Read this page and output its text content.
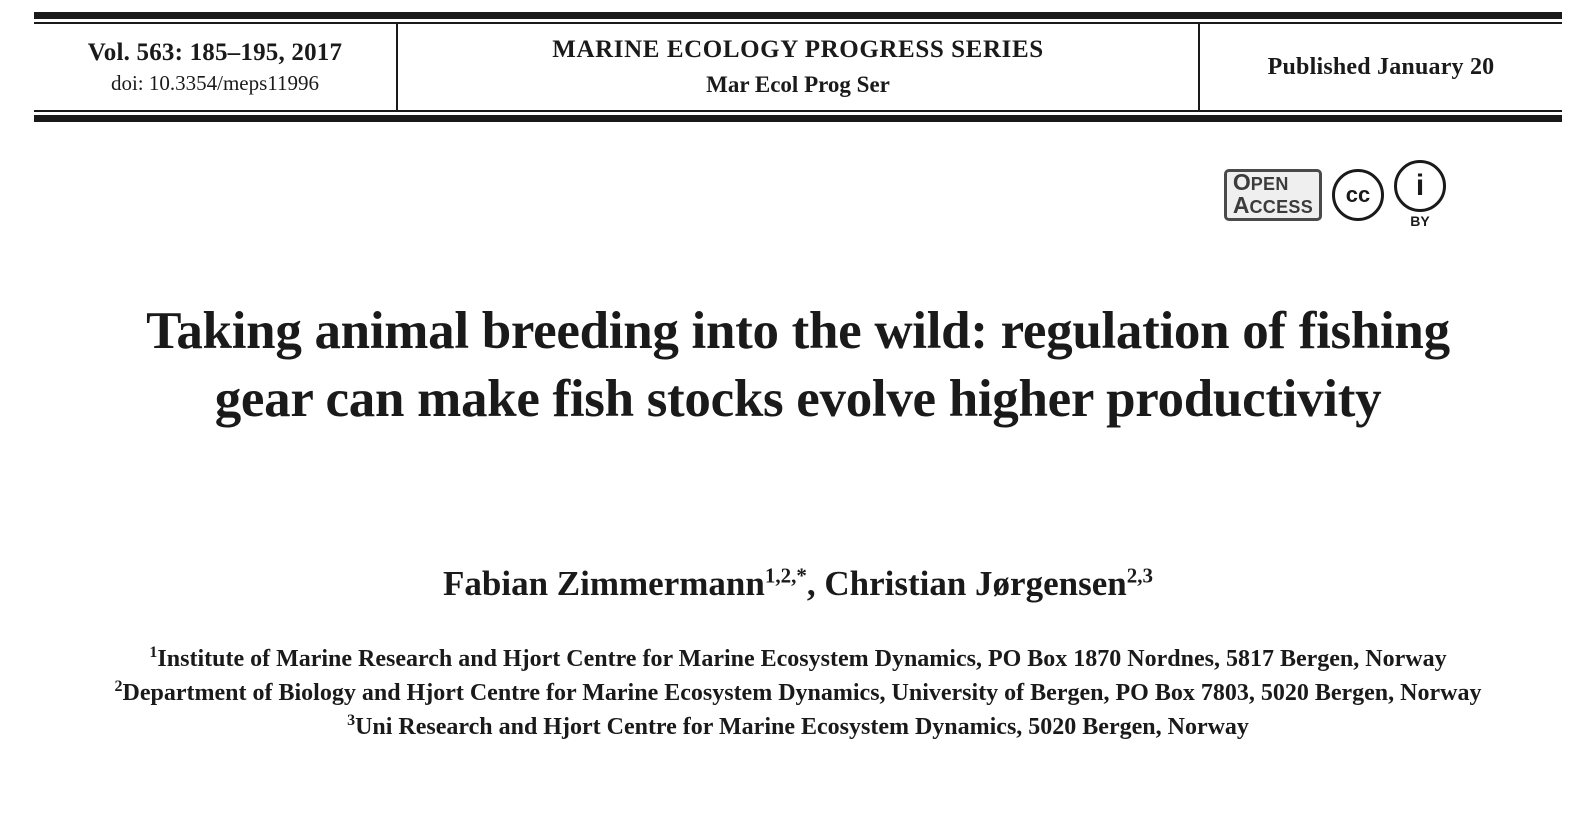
Vol. 563: 185–195, 2017
doi: 10.3354/meps11996
MARINE ECOLOGY PROGRESS SERIES
Mar Ecol Prog Ser
Published January 20
O PEN
A CCESS
cc	i
BY
Taking animal breeding into the wild: regulation of fishing gear can make fish stocks evolve higher productivity
Fabian Zimmermann$^{1,2,*}$, Christian Jørgensen$^{2,3}$

$^1$Institute of Marine Research and Hjort Centre for Marine Ecosystem Dynamics, PO Box 1870 Nordnes, 5817 Bergen, Norway

$^2$Department of Biology and Hjort Centre for Marine Ecosystem Dynamics, University of Bergen, PO Box 7803, 5020 Bergen, Norway

$^3$Uni Research and Hjort Centre for Marine Ecosystem Dynamics, 5020 Bergen, Norway
